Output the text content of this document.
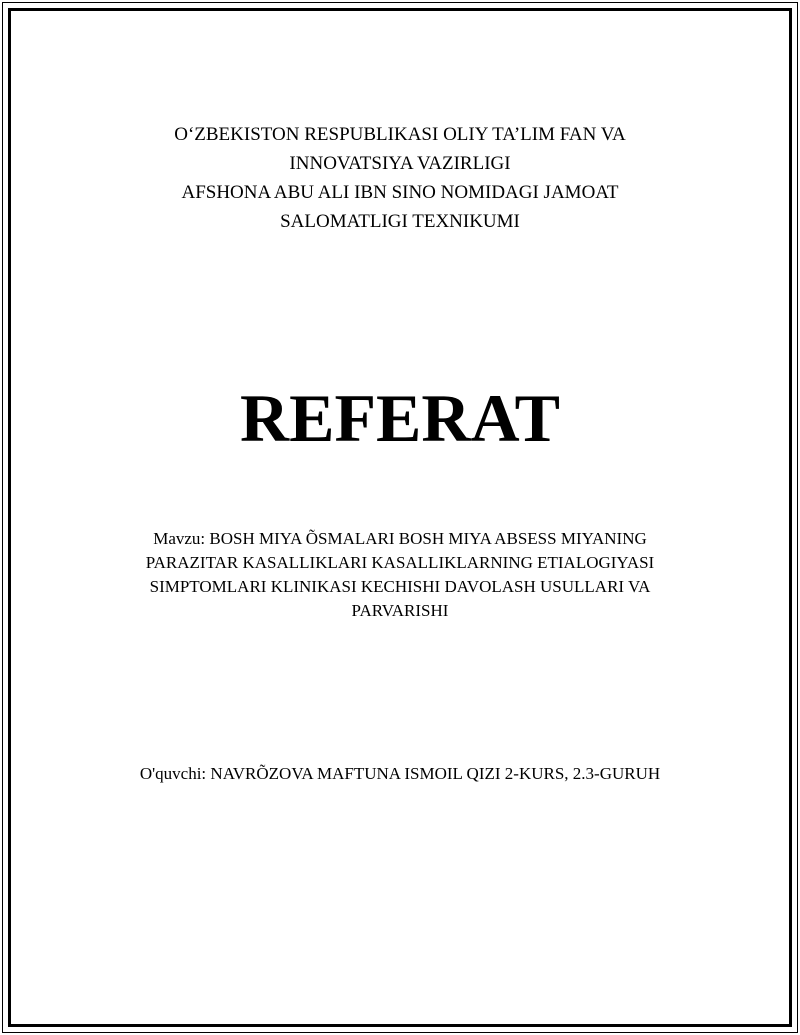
O‘ZBEKISTON RESPUBLIKASI OLIY TA’LIM FAN VA
INNOVATSIYA VAZIRLIGI
AFSHONA ABU ALI IBN SINO NOMIDAGI JAMOAT
SALOMATLIGI TEXNIKUMI
REFERAT
Mavzu: BOSH MIYA ÕSMALARI BOSH MIYA ABSESS MIYANING PARAZITAR KASALLIKLARI KASALLIKLARNING ETIALOGIYASI SIMPTOMLARI KLINIKASI KECHISHI DAVOLASH USULLARI VA PARVARISHI
O'quvchi: NAVRÕZOVA MAFTUNA ISMOIL QIZI 2-KURS, 2.3-GURUH
